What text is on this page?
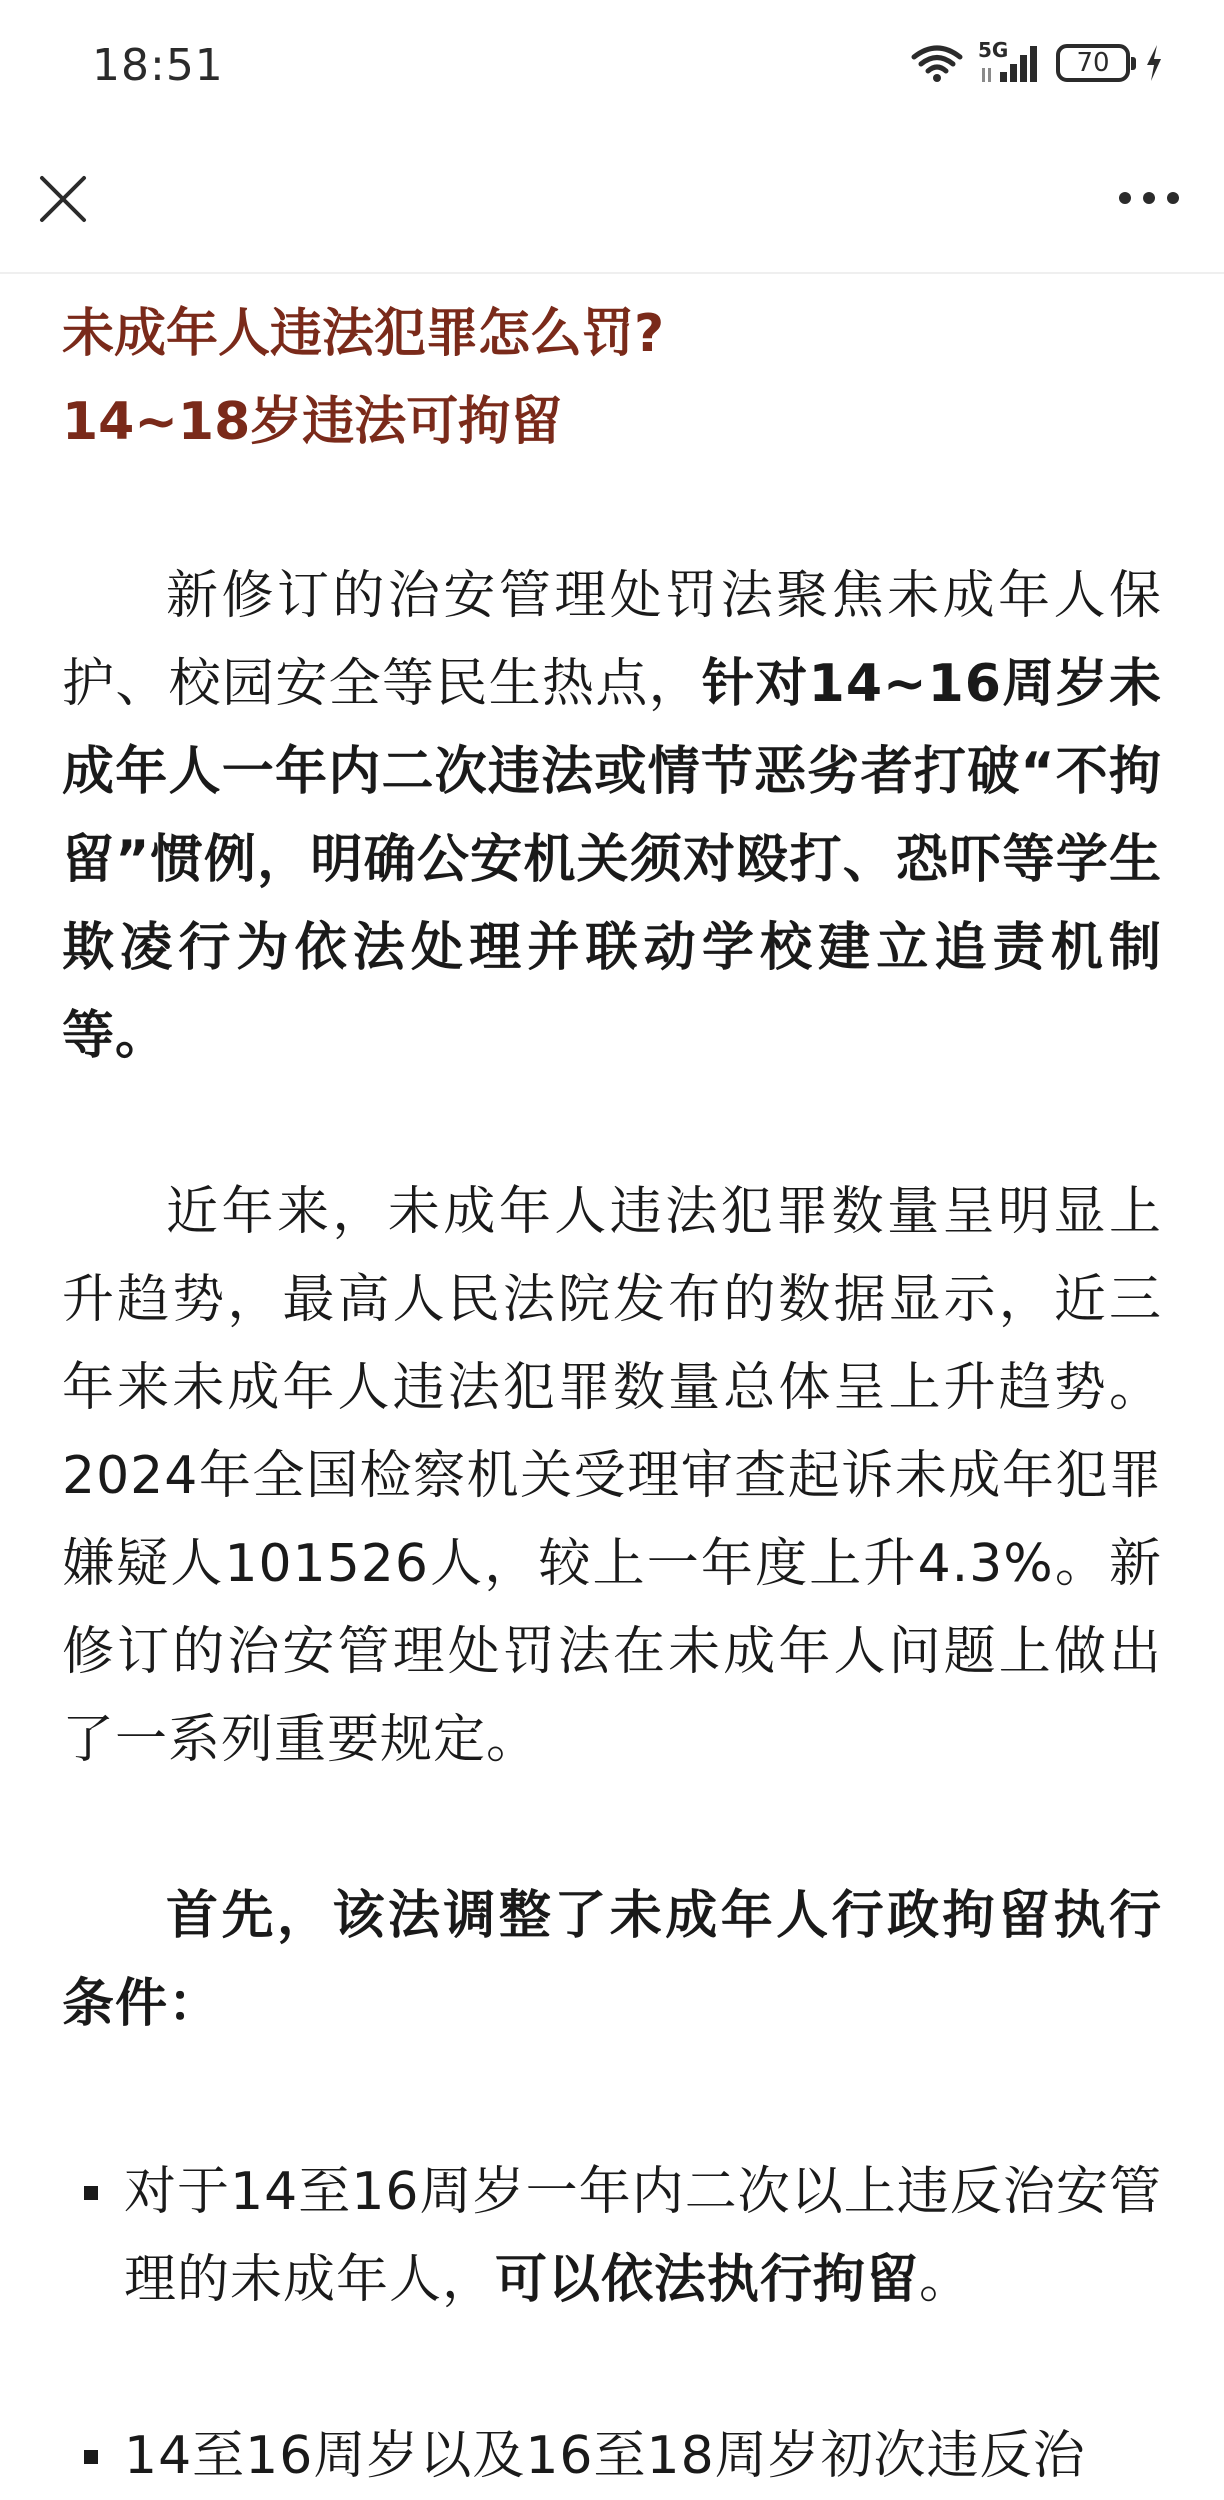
18:51	5G	70
未成年人违法犯罪怎么罚?
14~18岁违法可拘留

新修订的治安管理处罚法聚焦未成年人保护、校园安全等民生热点，针对14~16周岁未成年人一年内二次违法或情节恶劣者打破“不拘留”惯例，明确公安机关须对殴打、恐吓等学生欺凌行为依法处理并联动学校建立追责机制等。

近年来，未成年人违法犯罪数量呈明显上升趋势，最高人民法院发布的数据显示，近三年来未成年人违法犯罪数量总体呈上升趋势。2024年全国检察机关受理审查起诉未成年犯罪嫌疑人101526人，较上一年度上升4.3%。新修订的治安管理处罚法在未成年人问题上做出了一系列重要规定。

首先，该法调整了未成年人行政拘留执行条件：

对于14至16周岁一年内二次以上违反治安管理的未成年人，可以依法执行拘留。
14至16周岁以及16至18周岁初次违反治
